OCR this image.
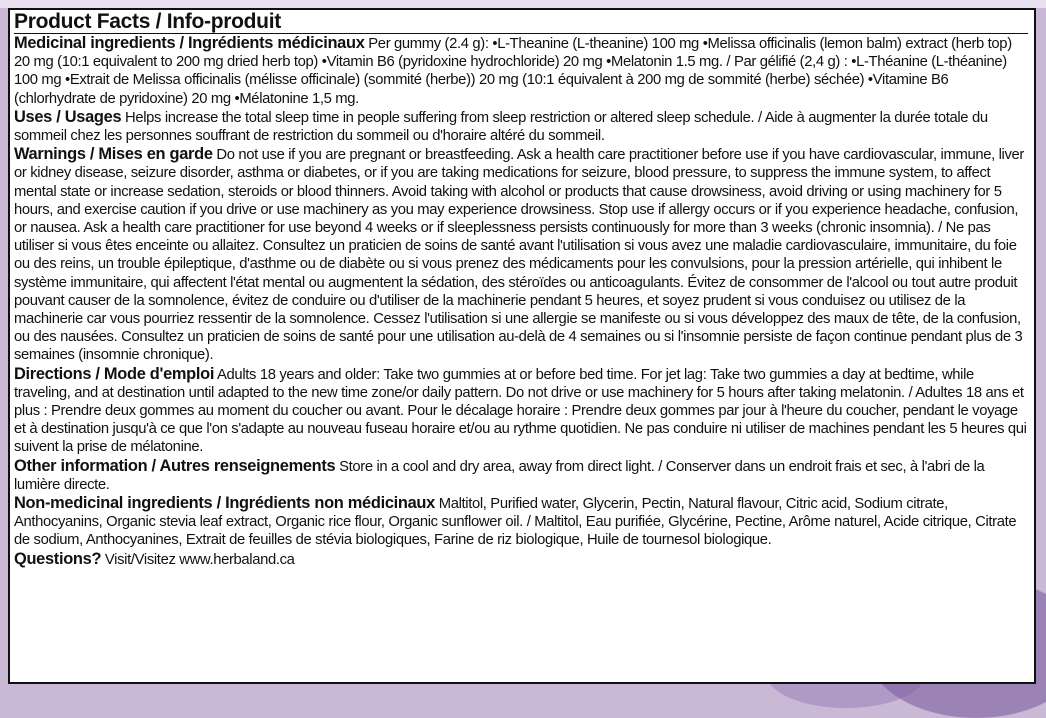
Product Facts / Info-produit

Medicinal ingredients / Ingrédients médicinaux Per gummy (2.4 g): •L-Theanine (L-theanine) 100 mg •Melissa officinalis (lemon balm) extract (herb top) 20 mg (10:1 equivalent to 200 mg dried herb top) •Vitamin B6 (pyridoxine hydrochloride) 20 mg •Melatonin 1.5 mg. / Par gélifié (2,4 g) : •L-Théanine (L-théanine) 100 mg •Extrait de Melissa officinalis (mélisse officinale) (sommité (herbe)) 20 mg (10:1 équivalent à 200 mg de sommité (herbe) séchée) •Vitamine B6 (chlorhydrate de pyridoxine) 20 mg •Mélatonine 1,5 mg.

Uses / Usages Helps increase the total sleep time in people suffering from sleep restriction or altered sleep schedule. / Aide à augmenter la durée totale du sommeil chez les personnes souffrant de restriction du sommeil ou d'horaire altéré du sommeil.

Warnings / Mises en garde Do not use if you are pregnant or breastfeeding. Ask a health care practitioner before use if you have cardiovascular, immune, liver or kidney disease, seizure disorder, asthma or diabetes, or if you are taking medications for seizure, blood pressure, to suppress the immune system, to affect mental state or increase sedation, steroids or blood thinners. Avoid taking with alcohol or products that cause drowsiness, avoid driving or using machinery for 5 hours, and exercise caution if you drive or use machinery as you may experience drowsiness. Stop use if allergy occurs or if you experience headache, confusion, or nausea. Ask a health care practitioner for use beyond 4 weeks or if sleeplessness persists continuously for more than 3 weeks (chronic insomnia). / Ne pas utiliser si vous êtes enceinte ou allaitez. Consultez un praticien de soins de santé avant l'utilisation si vous avez une maladie cardiovasculaire, immunitaire, du foie ou des reins, un trouble épileptique, d'asthme ou de diabète ou si vous prenez des médicaments pour les convulsions, pour la pression artérielle, qui inhibent le système immunitaire, qui affectent l'état mental ou augmentent la sédation, des stéroïdes ou anticoagulants. Évitez de consommer de l'alcool ou tout autre produit pouvant causer de la somnolence, évitez de conduire ou d'utiliser de la machinerie pendant 5 heures, et soyez prudent si vous conduisez ou utilisez de la machinerie car vous pourriez ressentir de la somnolence. Cessez l'utilisation si une allergie se manifeste ou si vous développez des maux de tête, de la confusion, ou des nausées. Consultez un praticien de soins de santé pour une utilisation au-delà de 4 semaines ou si l'insomnie persiste de façon continue pendant plus de 3 semaines (insomnie chronique).

Directions / Mode d'emploi Adults 18 years and older: Take two gummies at or before bed time. For jet lag: Take two gummies a day at bedtime, while traveling, and at destination until adapted to the new time zone/or daily pattern. Do not drive or use machinery for 5 hours after taking melatonin. / Adultes 18 ans et plus : Prendre deux gommes au moment du coucher ou avant. Pour le décalage horaire : Prendre deux gommes par jour à l'heure du coucher, pendant le voyage et à destination jusqu'à ce que l'on s'adapte au nouveau fuseau horaire et/ou au rythme quotidien. Ne pas conduire ni utiliser de machines pendant les 5 heures qui suivent la prise de mélatonine.

Other information / Autres renseignements Store in a cool and dry area, away from direct light. / Conserver dans un endroit frais et sec, à l'abri de la lumière directe.

Non-medicinal ingredients / Ingrédients non médicinaux Maltitol, Purified water, Glycerin, Pectin, Natural flavour, Citric acid, Sodium citrate, Anthocyanins, Organic stevia leaf extract, Organic rice flour, Organic sunflower oil. / Maltitol, Eau purifiée, Glycérine, Pectine, Arôme naturel, Acide citrique, Citrate de sodium, Anthocyanines, Extrait de feuilles de stévia biologiques, Farine de riz biologique, Huile de tournesol biologique.

Questions? Visit/Visitez www.herbaland.ca
